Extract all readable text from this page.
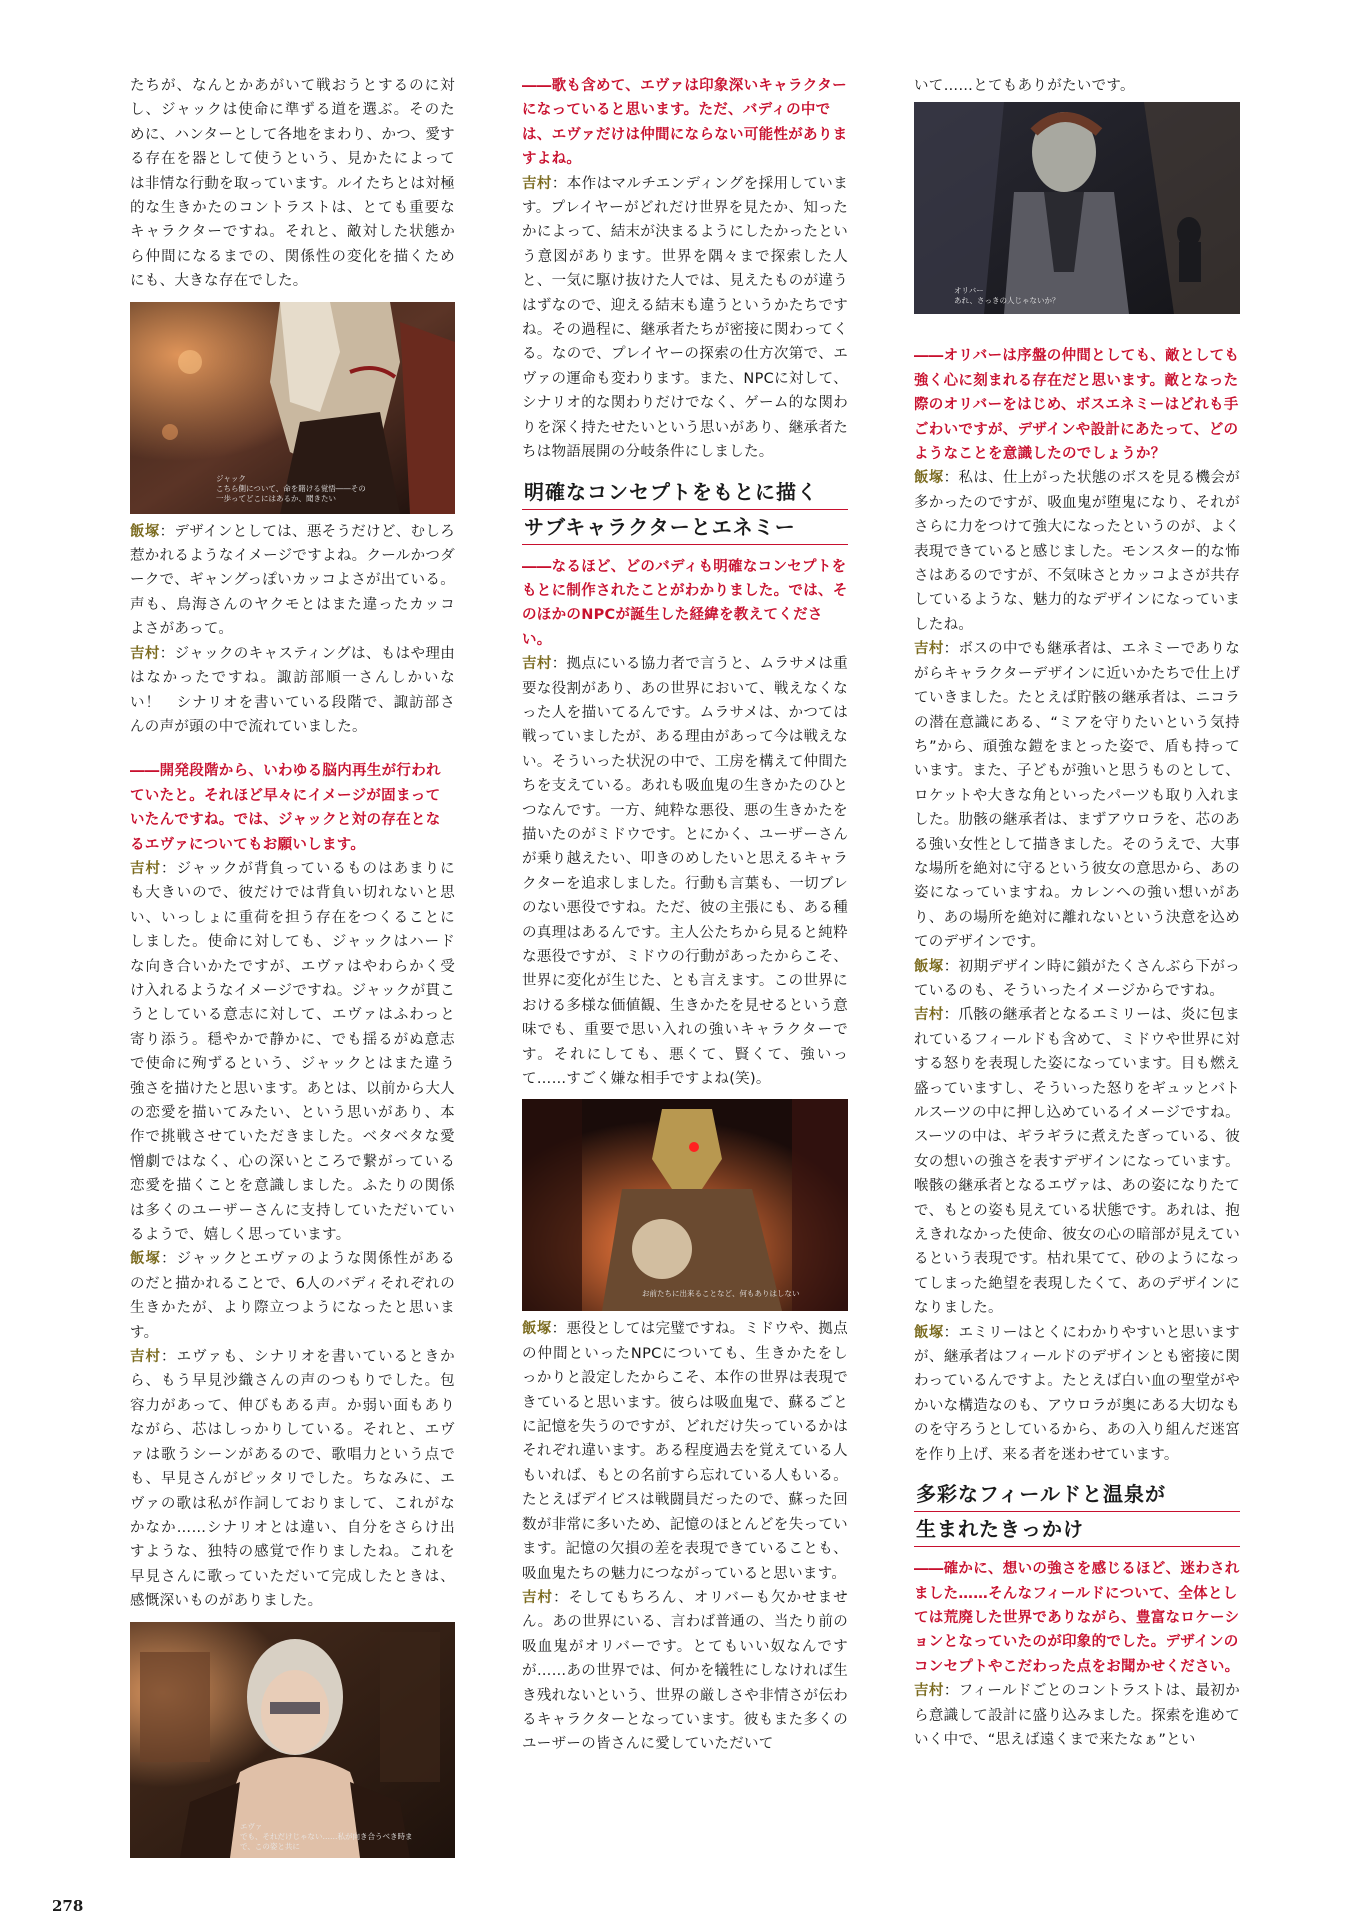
たちが、なんとかあがいて戦おうとするのに対し、ジャックは使命に準ずる道を選ぶ。そのために、ハンターとして各地をまわり、かつ、愛する存在を器として使うという、見かたによっては非情な行動を取っています。ルイたちとは対極的な生きかたのコントラストは、とても重要なキャラクターですね。それと、敵対した状態から仲間になるまでの、関係性の変化を描くためにも、大きな存在でした。

ジャック
こちら側について、命を賭ける覚悟――その一歩ってどこにはあるか、聞きたい

飯塚：デザインとしては、悪そうだけど、むしろ惹かれるようなイメージですよね。クールかつダークで、ギャングっぽいカッコよさが出ている。声も、鳥海さんのヤクモとはまた違ったカッコよさがあって。

吉村：ジャックのキャスティングは、もはや理由はなかったですね。諏訪部順一さんしかいない！　シナリオを書いている段階で、諏訪部さんの声が頭の中で流れていました。

――開発段階から、いわゆる脳内再生が行われていたと。それほど早々にイメージが固まっていたんですね。では、ジャックと対の存在となるエヴァについてもお願いします。

吉村：ジャックが背負っているものはあまりにも大きいので、彼だけでは背負い切れないと思い、いっしょに重荷を担う存在をつくることにしました。使命に対しても、ジャックはハードな向き合いかたですが、エヴァはやわらかく受け入れるようなイメージですね。ジャックが貫こうとしている意志に対して、エヴァはふわっと寄り添う。穏やかで静かに、でも揺るがぬ意志で使命に殉ずるという、ジャックとはまた違う強さを描けたと思います。あとは、以前から大人の恋愛を描いてみたい、という思いがあり、本作で挑戦させていただきました。ベタベタな愛憎劇ではなく、心の深いところで繋がっている恋愛を描くことを意識しました。ふたりの関係は多くのユーザーさんに支持していただいているようで、嬉しく思っています。

飯塚：ジャックとエヴァのような関係性があるのだと描かれることで、6人のバディそれぞれの生きかたが、より際立つようになったと思います。

吉村：エヴァも、シナリオを書いているときから、もう早見沙織さんの声のつもりでした。包容力があって、伸びもある声。か弱い面もありながら、芯はしっかりしている。それと、エヴァは歌うシーンがあるので、歌唱力という点でも、早見さんがピッタリでした。ちなみに、エヴァの歌は私が作詞しておりまして、これがなかなか……シナリオとは違い、自分をさらけ出すような、独特の感覚で作りましたね。これを早見さんに歌っていただいて完成したときは、感慨深いものがありました。

エヴァ
でも、それだけじゃない……私が向き合うべき時まで、この姿と共に

――歌も含めて、エヴァは印象深いキャラクターになっていると思います。ただ、バディの中では、エヴァだけは仲間にならない可能性がありますよね。

吉村：本作はマルチエンディングを採用しています。プレイヤーがどれだけ世界を見たか、知ったかによって、結末が決まるようにしたかったという意図があります。世界を隅々まで探索した人と、一気に駆け抜けた人では、見えたものが違うはずなので、迎える結末も違うというかたちですね。その過程に、継承者たちが密接に関わってくる。なので、プレイヤーの探索の仕方次第で、エヴァの運命も変わります。また、NPCに対して、シナリオ的な関わりだけでなく、ゲーム的な関わりを深く持たせたいという思いがあり、継承者たちは物語展開の分岐条件にしました。

明確なコンセプトをもとに描く
サブキャラクターとエネミー

――なるほど、どのバディも明確なコンセプトをもとに制作されたことがわかりました。では、そのほかのNPCが誕生した経緯を教えてください。

吉村：拠点にいる協力者で言うと、ムラサメは重要な役割があり、あの世界において、戦えなくなった人を描いてるんです。ムラサメは、かつては戦っていましたが、ある理由があって今は戦えない。そういった状況の中で、工房を構えて仲間たちを支えている。あれも吸血鬼の生きかたのひとつなんです。一方、純粋な悪役、悪の生きかたを描いたのがミドウです。とにかく、ユーザーさんが乗り越えたい、叩きのめしたいと思えるキャラクターを追求しました。行動も言葉も、一切ブレのない悪役ですね。ただ、彼の主張にも、ある種の真理はあるんです。主人公たちから見ると純粋な悪役ですが、ミドウの行動があったからこそ、世界に変化が生じた、とも言えます。この世界における多様な価値観、生きかたを見せるという意味でも、重要で思い入れの強いキャラクターです。それにしても、悪くて、賢くて、強いって……すごく嫌な相手ですよね(笑)。

お前たちに出来ることなど、何もありはしない

飯塚：悪役としては完璧ですね。ミドウや、拠点の仲間といったNPCについても、生きかたをしっかりと設定したからこそ、本作の世界は表現できていると思います。彼らは吸血鬼で、蘇るごとに記憶を失うのですが、どれだけ失っているかはそれぞれ違います。ある程度過去を覚えている人もいれば、もとの名前すら忘れている人もいる。たとえばデイビスは戦闘員だったので、蘇った回数が非常に多いため、記憶のほとんどを失っています。記憶の欠損の差を表現できていることも、吸血鬼たちの魅力につながっていると思います。

吉村：そしてもちろん、オリバーも欠かせません。あの世界にいる、言わば普通の、当たり前の吸血鬼がオリバーです。とてもいい奴なんですが……あの世界では、何かを犠牲にしなければ生き残れないという、世界の厳しさや非情さが伝わるキャラクターとなっています。彼もまた多くのユーザーの皆さんに愛していただいて

いて……とてもありがたいです。

オリバー
あれ、さっきの人じゃないか？

――オリバーは序盤の仲間としても、敵としても強く心に刻まれる存在だと思います。敵となった際のオリバーをはじめ、ボスエネミーはどれも手ごわいですが、デザインや設計にあたって、どのようなことを意識したのでしょうか？

飯塚：私は、仕上がった状態のボスを見る機会が多かったのですが、吸血鬼が堕鬼になり、それがさらに力をつけて強大になったというのが、よく表現できていると感じました。モンスター的な怖さはあるのですが、不気味さとカッコよさが共存しているような、魅力的なデザインになっていましたね。

吉村：ボスの中でも継承者は、エネミーでありながらキャラクターデザインに近いかたちで仕上げていきました。たとえば貯骸の継承者は、ニコラの潜在意識にある、“ミアを守りたいという気持ち”から、頑強な鎧をまとった姿で、盾も持っています。また、子どもが強いと思うものとして、ロケットや大きな角といったパーツも取り入れました。肋骸の継承者は、まずアウロラを、芯のある強い女性として描きました。そのうえで、大事な場所を絶対に守るという彼女の意思から、あの姿になっていますね。カレンへの強い想いがあり、あの場所を絶対に離れないという決意を込めてのデザインです。

飯塚：初期デザイン時に鎖がたくさんぶら下がっているのも、そういったイメージからですね。

吉村：爪骸の継承者となるエミリーは、炎に包まれているフィールドも含めて、ミドウや世界に対する怒りを表現した姿になっています。目も燃え盛っていますし、そういった怒りをギュッとバトルスーツの中に押し込めているイメージですね。スーツの中は、ギラギラに煮えたぎっている、彼女の想いの強さを表すデザインになっています。喉骸の継承者となるエヴァは、あの姿になりたてで、もとの姿も見えている状態です。あれは、抱えきれなかった使命、彼女の心の暗部が見えているという表現です。枯れ果てて、砂のようになってしまった絶望を表現したくて、あのデザインになりました。

飯塚：エミリーはとくにわかりやすいと思いますが、継承者はフィールドのデザインとも密接に関わっているんですよ。たとえば白い血の聖堂がやかいな構造なのも、アウロラが奥にある大切なものを守ろうとしているから、あの入り組んだ迷宮を作り上げ、来る者を迷わせています。

多彩なフィールドと温泉が
生まれたきっかけ

――確かに、想いの強さを感じるほど、迷わされました……そんなフィールドについて、全体としては荒廃した世界でありながら、豊富なロケーションとなっていたのが印象的でした。デザインのコンセプトやこだわった点をお聞かせください。

吉村：フィールドごとのコントラストは、最初から意識して設計に盛り込みました。探索を進めていく中で、“思えば遠くまで来たなぁ”とい

278
